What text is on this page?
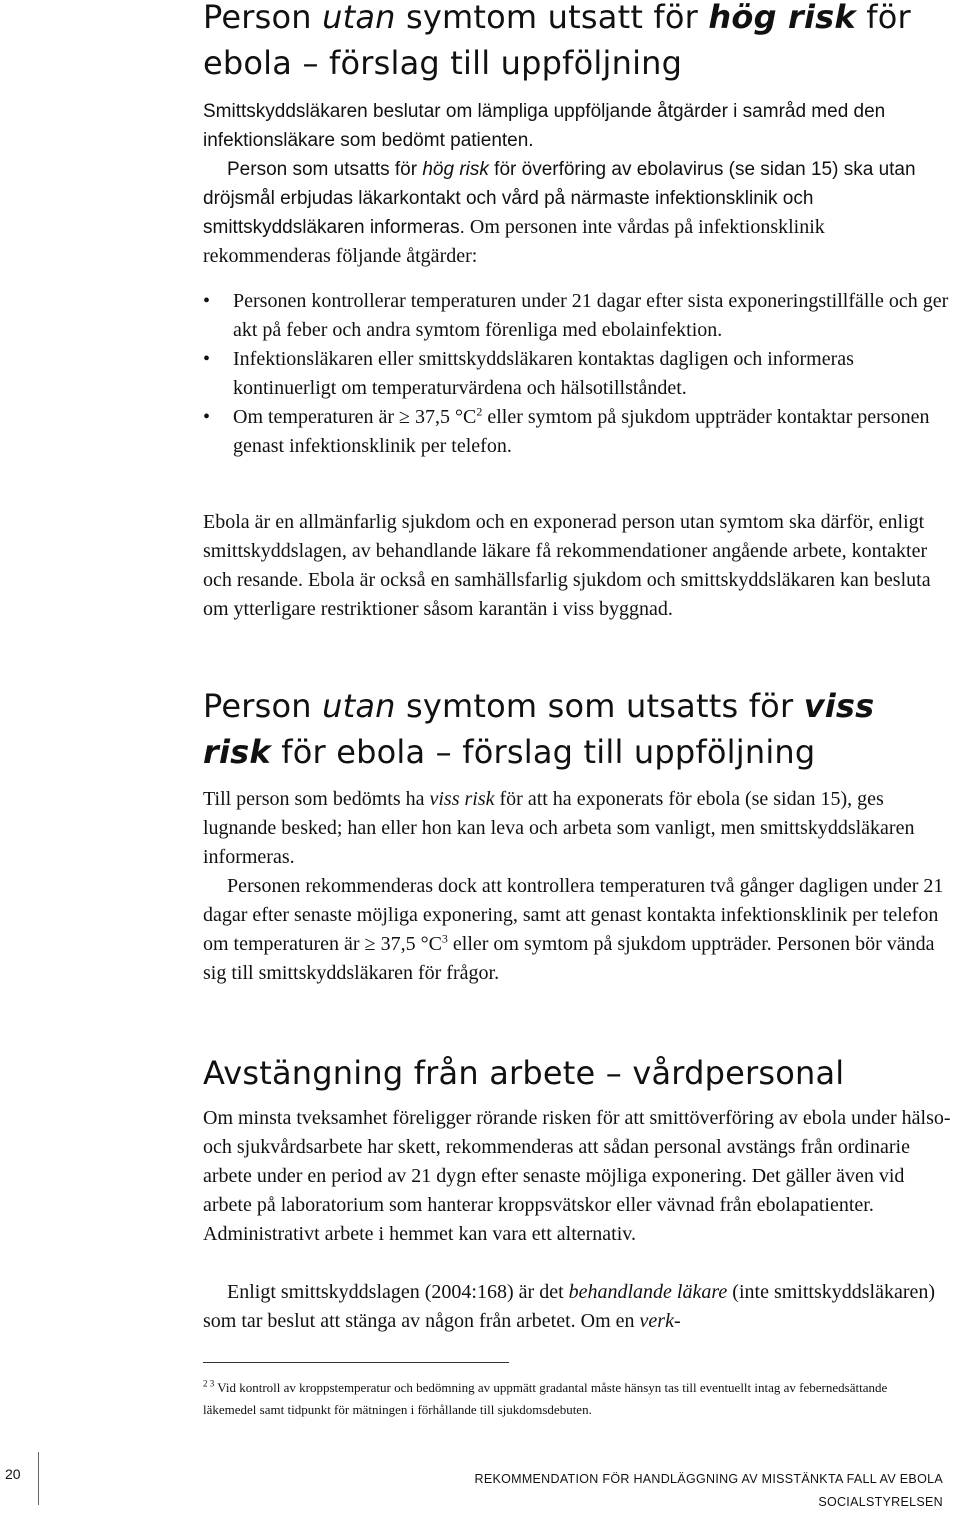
Person utan symtom utsatt för hög risk för ebola – förslag till uppföljning
Smittskyddsläkaren beslutar om lämpliga uppföljande åtgärder i samråd med den infektionsläkare som bedömt patienten.
Person som utsatts för hög risk för överföring av ebolavirus (se sidan 15) ska utan dröjsmål erbjudas läkarkontakt och vård på närmaste infektionsklinik och smittskyddsläkaren informeras. Om personen inte vårdas på infektionsklinik rekommenderas följande åtgärder:
•	Personen kontrollerar temperaturen under 21 dagar efter sista exponeringstillfälle och ger akt på feber och andra symtom förenliga med ebolainfektion.
•	Infektionsläkaren eller smittskyddsläkaren kontaktas dagligen och informeras kontinuerligt om temperaturvärdena och hälsotillståndet.
•	Om temperaturen är ≥ 37,5 $^\circ C^2$ eller symtom på sjukdom uppträder kontaktar personen genast infektionsklinik per telefon.
Ebola är en allmänfarlig sjukdom och en exponerad person utan symtom ska därför, enligt smittskyddslagen, av behandlande läkare få rekommendationer angående arbete, kontakter och resande. Ebola är också en samhällsfarlig sjukdom och smittskyddsläkaren kan besluta om ytterligare restriktioner såsom karantän i viss byggnad.
Person utan symtom som utsatts för viss risk för ebola – förslag till uppföljning
Till person som bedömts ha viss risk för att ha exponerats för ebola (se sidan 15), ges lugnande besked; han eller hon kan leva och arbeta som vanligt, men smittskyddsläkaren informeras.
Personen rekommenderas dock att kontrollera temperaturen två gånger dagligen under 21 dagar efter senaste möjliga exponering, samt att genast kontakta infektionsklinik per telefon om temperaturen är ≥ 37,5 $^\circ C^3$ eller om symtom på sjukdom uppträder. Personen bör vända sig till smittskyddsläkaren för frågor.
Avstängning från arbete – vårdpersonal
Om minsta tveksamhet föreligger rörande risken för att smittöverföring av ebola under hälso- och sjukvårdsarbete har skett, rekommenderas att sådan personal avstängs från ordinarie arbete under en period av 21 dygn efter senaste möjliga exponering. Det gäller även vid arbete på laboratorium som hanterar kroppsvätskor eller vävnad från ebolapatienter. Administrativt arbete i hemmet kan vara ett alternativ.
Enligt smittskyddslagen (2004:168) är det behandlande läkare (inte smittskyddsläkaren) som tar beslut att stänga av någon från arbetet. Om en verk-
$^{2 3}$ Vid kontroll av kroppstemperatur och bedömning av uppmätt gradantal måste hänsyn tas till eventuellt intag av febernedsättande läkemedel samt tidpunkt för mätningen i förhållande till sjukdomsdebuten.
20	REKOMMENDATION FÖR HANDLÄGGNING AV MISSTÄNKTA FALL AV EBOLA
SOCIALSTYRELSEN
